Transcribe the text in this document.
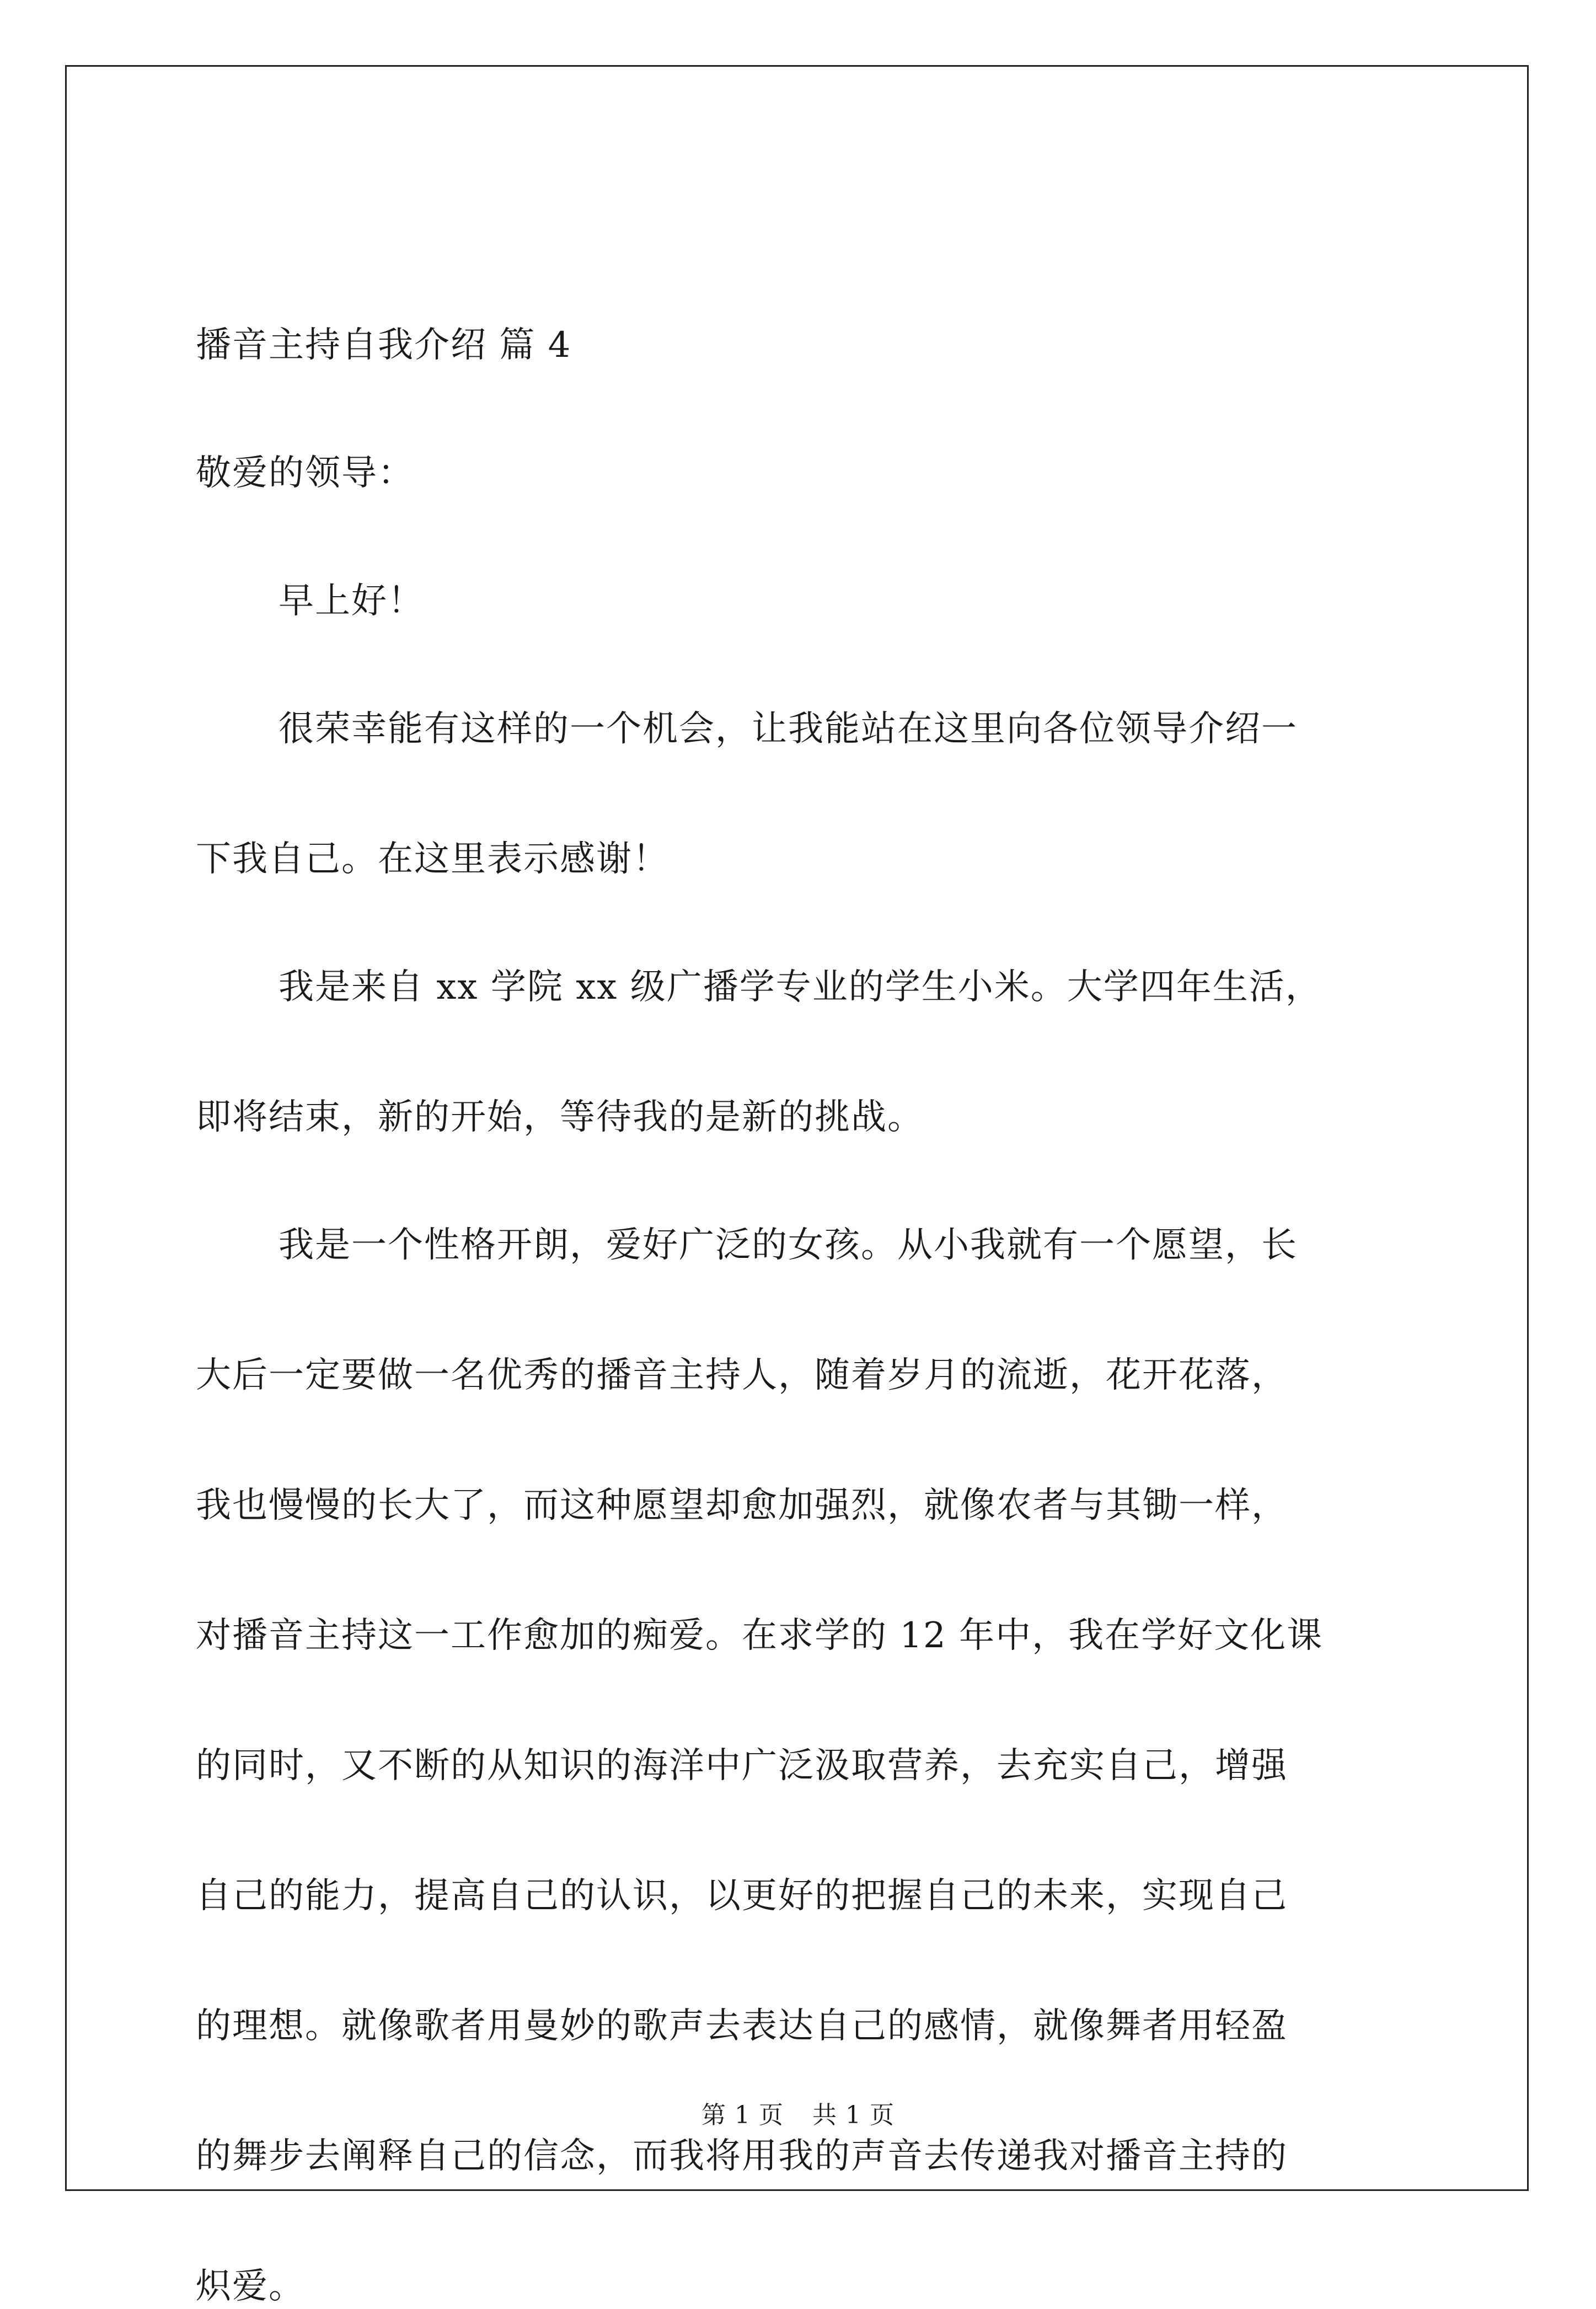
播音主持自我介绍 篇 4
敬爱的领导：
早上好！
很荣幸能有这样的一个机会，让我能站在这里向各位领导介绍一
下我自己。在这里表示感谢！
我是来自 xx 学院 xx 级广播学专业的学生小米。大学四年生活，
即将结束，新的开始，等待我的是新的挑战。
我是一个性格开朗，爱好广泛的女孩。从小我就有一个愿望，长
大后一定要做一名优秀的播音主持人，随着岁月的流逝，花开花落，
我也慢慢的长大了，而这种愿望却愈加强烈，就像农者与其锄一样，
对播音主持这一工作愈加的痴爱。在求学的 12 年中，我在学好文化课
的同时，又不断的从知识的海洋中广泛汲取营养，去充实自己，增强
自己的能力，提高自己的认识，以更好的把握自己的未来，实现自己
的理想。就像歌者用曼妙的歌声去表达自己的感情，就像舞者用轻盈
的舞步去阐释自己的信念，而我将用我的声音去传递我对播音主持的
炽爱。
第 1 页 共 1 页
